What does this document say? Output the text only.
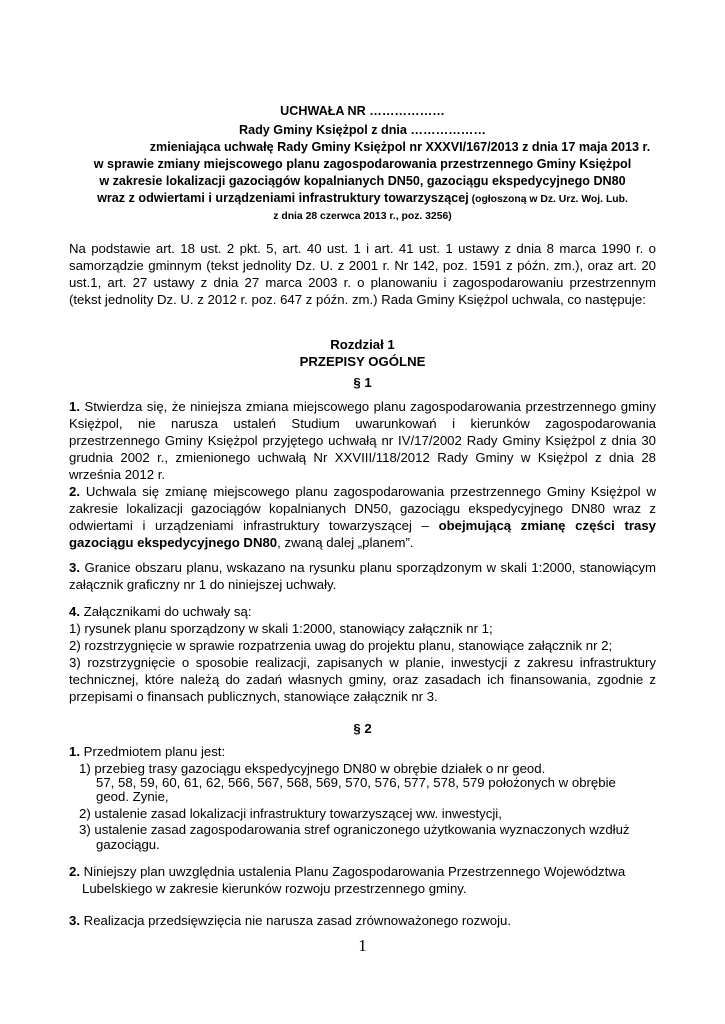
UCHWAŁA NR ………………
Rady Gminy Księżpol z dnia ………………
zmieniająca uchwałę Rady Gminy Księżpol nr XXXVI/167/2013 z dnia 17 maja 2013 r.
w sprawie zmiany miejscowego planu zagospodarowania przestrzennego Gminy Księżpol
w zakresie lokalizacji gazociągów kopalnianych DN50, gazociągu ekspedycyjnego DN80
wraz z odwiertami i urządzeniami infrastruktury towarzyszącej (ogłoszoną w Dz. Urz. Woj. Lub.
z dnia 28 czerwca 2013 r., poz. 3256)
Na podstawie art. 18 ust. 2 pkt. 5, art. 40 ust. 1 i art. 41 ust. 1 ustawy z dnia 8 marca 1990 r. o samorządzie gminnym (tekst jednolity Dz. U. z 2001 r. Nr 142, poz. 1591 z późn. zm.), oraz art. 20 ust.1, art. 27 ustawy z dnia 27 marca 2003 r. o planowaniu i zagospodarowaniu przestrzennym (tekst jednolity Dz. U. z 2012 r. poz. 647 z późn. zm.) Rada Gminy Księżpol uchwala, co następuje:
Rozdział 1
PRZEPISY OGÓLNE
§ 1
1. Stwierdza się, że niniejsza zmiana miejscowego planu zagospodarowania przestrzennego gminy Księżpol, nie narusza ustaleń Studium uwarunkowań i kierunków zagospodarowania przestrzennego Gminy Księżpol przyjętego uchwałą nr IV/17/2002 Rady Gminy Księżpol z dnia 30 grudnia 2002 r., zmienionego uchwałą Nr XXVIII/118/2012 Rady Gminy w Księżpol z dnia 28 września 2012 r.
2. Uchwala się zmianę miejscowego planu zagospodarowania przestrzennego Gminy Księżpol w zakresie lokalizacji gazociągów kopalnianych DN50, gazociągu ekspedycyjnego DN80 wraz z odwiertami i urządzeniami infrastruktury towarzyszącej – obejmującą zmianę części trasy gazociągu ekspedycyjnego DN80, zwaną dalej „planem”.
3. Granice obszaru planu, wskazano na rysunku planu sporządzonym w skali 1:2000, stanowiącym załącznik graficzny nr 1 do niniejszej uchwały.
4. Załącznikami do uchwały są:
1) rysunek planu sporządzony w skali 1:2000, stanowiący załącznik nr 1;
2) rozstrzygnięcie w sprawie rozpatrzenia uwag do projektu planu, stanowiące załącznik nr 2;
3) rozstrzygnięcie o sposobie realizacji, zapisanych w planie, inwestycji z zakresu infrastruktury technicznej, które należą do zadań własnych gminy, oraz zasadach ich finansowania, zgodnie z przepisami o finansach publicznych, stanowiące załącznik nr 3.
§ 2
1. Przedmiotem planu jest:
1) przebieg trasy gazociągu ekspedycyjnego DN80 w obrębie działek o nr geod.
57, 58, 59, 60, 61, 62, 566, 567, 568, 569, 570, 576, 577, 578, 579 położonych w obrębie
geod. Zynie,
2) ustalenie zasad lokalizacji infrastruktury towarzyszącej ww. inwestycji,
3) ustalenie zasad zagospodarowania stref ograniczonego użytkowania wyznaczonych wzdłuż
gazociągu.
2. Niniejszy plan uwzględnia ustalenia Planu Zagospodarowania Przestrzennego Województwa
Lubelskiego w zakresie kierunków rozwoju przestrzennego gminy.
3. Realizacja przedsięwzięcia nie narusza zasad zrównoważonego rozwoju.
1
